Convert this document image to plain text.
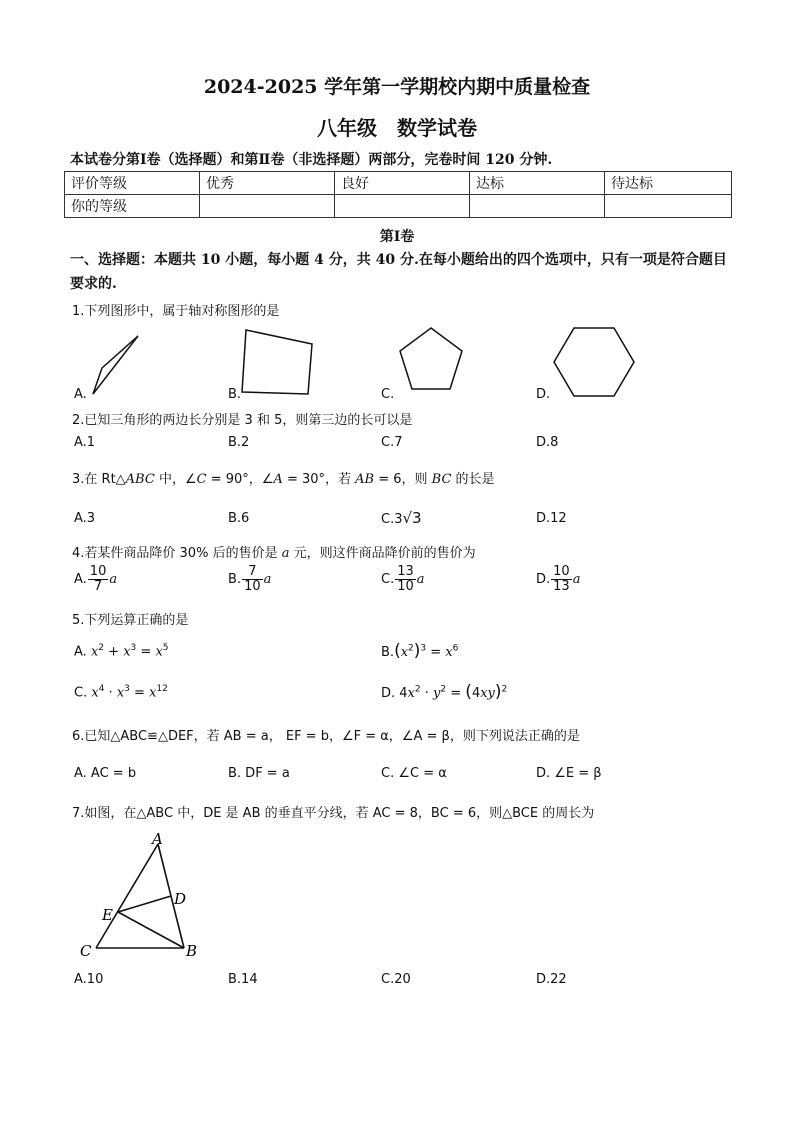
2024-2025 学年第一学期校内期中质量检查
八年级　数学试卷
本试卷分第Ⅰ卷（选择题）和第Ⅱ卷（非选择题）两部分，完卷时间 120 分钟.
评价等级	优秀	良好	达标	待达标
你的等级				
第Ⅰ卷
一、选择题：本题共 10 小题，每小题 4 分，共 40 分.在每小题给出的四个选项中，只有一项是符合题目要求的.
1.下列图形中，属于轴对称图形的是
A.	B.	C.	D.
2.已知三角形的两边长分别是 3 和 5，则第三边的长可以是
A.1	B.2	C.7	D.8
3.在 Rt△ABC 中，∠C = 90°，∠A = 30°，若 AB = 6，则 BC 的长是
A.3	B.6	C.3√3	D.12
4.若某件商品降价 30% 后的售价是 a 元，则这件商品降价前的售价为
A. $\frac{10}{7}$ a	B. $\frac{7}{10}$ a	C. $\frac{13}{10}$ a	D. $\frac{10}{13}$ a
5.下列运算正确的是
A. $x^2 + x^3 = x^5$	$B.(x^2)^3 = x^6$
C. $x^4 \cdot x^3 = x^{12}$	D. $4x^2 \cdot y^2 = (4xy)^2$
6.已知△ABC≌△DEF，若 AB = a， EF = b，∠F = α，∠A = β，则下列说法正确的是
A. AC = b	B. DF = a	C. ∠C = α	D. ∠E = β
7.如图，在△ABC 中，DE 是 AB 的垂直平分线，若 AC = 8，BC = 6，则△BCE 的周长为
A
D
E
C	B
A.10	B.14	C.20	D.22
